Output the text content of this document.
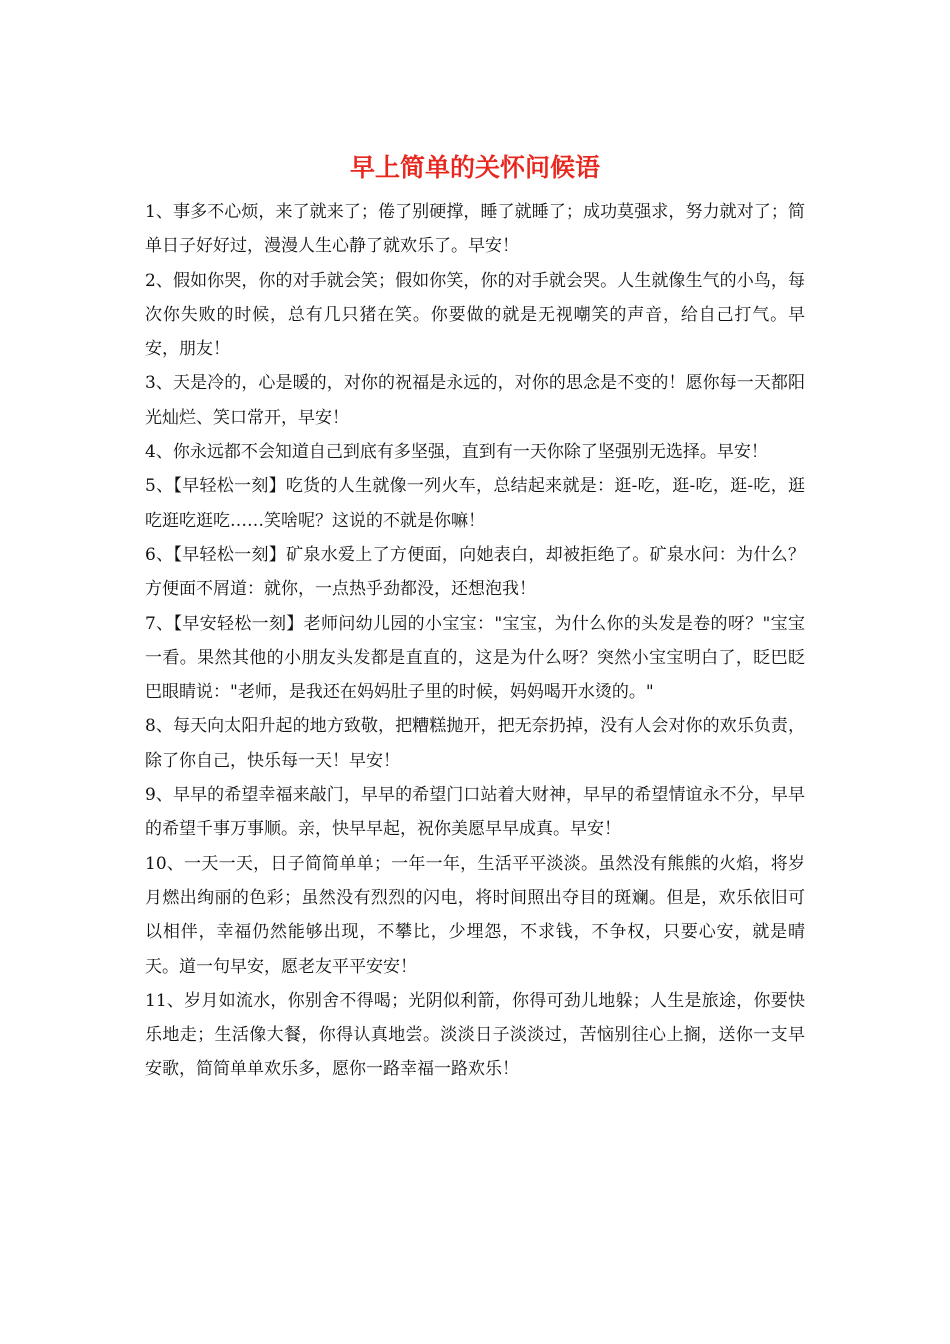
早上简单的关怀问候语

1、事多不心烦，来了就来了；倦了别硬撑，睡了就睡了；成功莫强求，努力就对了；简单日子好好过，漫漫人生心静了就欢乐了。早安！

2、假如你哭，你的对手就会笑；假如你笑，你的对手就会哭。人生就像生气的小鸟，每次你失败的时候，总有几只猪在笑。你要做的就是无视嘲笑的声音，给自己打气。早安，朋友！

3、天是冷的，心是暖的，对你的祝福是永远的，对你的思念是不变的！愿你每一天都阳光灿烂、笑口常开，早安！

4、你永远都不会知道自己到底有多坚强，直到有一天你除了坚强别无选择。早安！

5、【早轻松一刻】吃货的人生就像一列火车，总结起来就是：逛-吃，逛-吃，逛-吃，逛吃逛吃逛吃……笑啥呢？这说的不就是你嘛！

6、【早轻松一刻】矿泉水爱上了方便面，向她表白，却被拒绝了。矿泉水问：为什么？方便面不屑道：就你，一点热乎劲都没，还想泡我！

7、【早安轻松一刻】老师问幼儿园的小宝宝："宝宝，为什么你的头发是卷的呀？"宝宝一看。果然其他的小朋友头发都是直直的，这是为什么呀？突然小宝宝明白了，眨巴眨巴眼睛说："老师，是我还在妈妈肚子里的时候，妈妈喝开水烫的。"

8、每天向太阳升起的地方致敬，把糟糕抛开，把无奈扔掉，没有人会对你的欢乐负责，除了你自己，快乐每一天！早安！

9、早早的希望幸福来敲门，早早的希望门口站着大财神，早早的希望情谊永不分，早早的希望千事万事顺。亲，快早早起，祝你美愿早早成真。早安！

10、一天一天，日子简简单单；一年一年，生活平平淡淡。虽然没有熊熊的火焰，将岁月燃出绚丽的色彩；虽然没有烈烈的闪电，将时间照出夺目的斑斓。但是，欢乐依旧可以相伴，幸福仍然能够出现，不攀比，少埋怨，不求钱，不争权，只要心安，就是晴天。道一句早安，愿老友平平安安！

11、岁月如流水，你别舍不得喝；光阴似利箭，你得可劲儿地躲；人生是旅途，你要快乐地走；生活像大餐，你得认真地尝。淡淡日子淡淡过，苦恼别往心上搁，送你一支早安歌，简简单单欢乐多，愿你一路幸福一路欢乐！
